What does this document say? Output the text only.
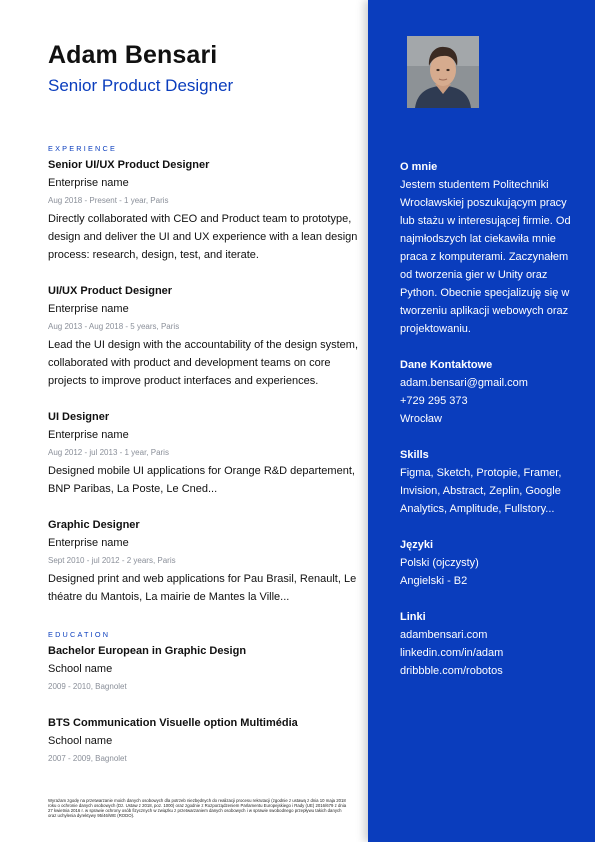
Adam Bensari
Senior Product Designer
EXPERIENCE
Senior UI/UX Product Designer
Enterprise name
Aug 2018 - Present - 1 year, Paris
Directly collaborated with CEO and Product team to prototype, design and deliver the UI and UX experience with a lean design process: research, design, test, and iterate.
UI/UX Product Designer
Enterprise name
Aug 2013 - Aug 2018 - 5 years, Paris
Lead the UI design with the accountability of the design system, collaborated with product and development teams on core projects to improve product interfaces and experiences.
UI Designer
Enterprise name
Aug 2012 - jul 2013 - 1 year, Paris
Designed mobile UI applications for Orange R&D departement, BNP Paribas, La Poste, Le Cned...
Graphic Designer
Enterprise name
Sept 2010 - jul 2012 - 2 years, Paris
Designed print and web applications for Pau Brasil, Renault, Le théatre du Mantois, La mairie de Mantes la Ville...
EDUCATION
Bachelor European in Graphic Design
School name
2009 - 2010, Bagnolet
BTS Communication Visuelle option Multimédia
School name
2007 - 2009, Bagnolet
Wyrażam zgodę na przetwarzanie moich danych osobowych dla potrzeb niezbędnych do realizacji procesu rekrutacji (zgodnie z ustawą z dnia 10 maja 2018 roku o ochronie danych osobowych (Dz. Ustaw z 2018, poz. 1000) oraz zgodnie z Rozporządzeniem Parlamentu Europejskiego i Rady (UE) 2016/679 z dnia 27 kwietnia 2016 r. w sprawie ochrony osób fizycznych w związku z przetwarzaniem danych osobowych i w sprawie swobodnego przepływu takich danych oraz uchylenia dyrektywy 95/46/WE (RODO).
O mnie
Jestem studentem Politechniki Wrocławskiej poszukującym pracy lub stażu w interesującej firmie. Od najmłodszych lat ciekawiła mnie praca z komputerami. Zaczynałem od tworzenia gier w Unity oraz Python. Obecnie specjalizuję się w tworzeniu aplikacji webowych oraz projektowaniu.
Dane Kontaktowe
adam.bensari@gmail.com
+729 295 373
Wrocław
Skills
Figma, Sketch, Protopie, Framer, Invision, Abstract, Zeplin, Google Analytics, Amplitude, Fullstory...
Języki
Polski (ojczysty)
Angielski - B2
Linki
adambensari.com
linkedin.com/in/adam
dribbble.com/robotos
